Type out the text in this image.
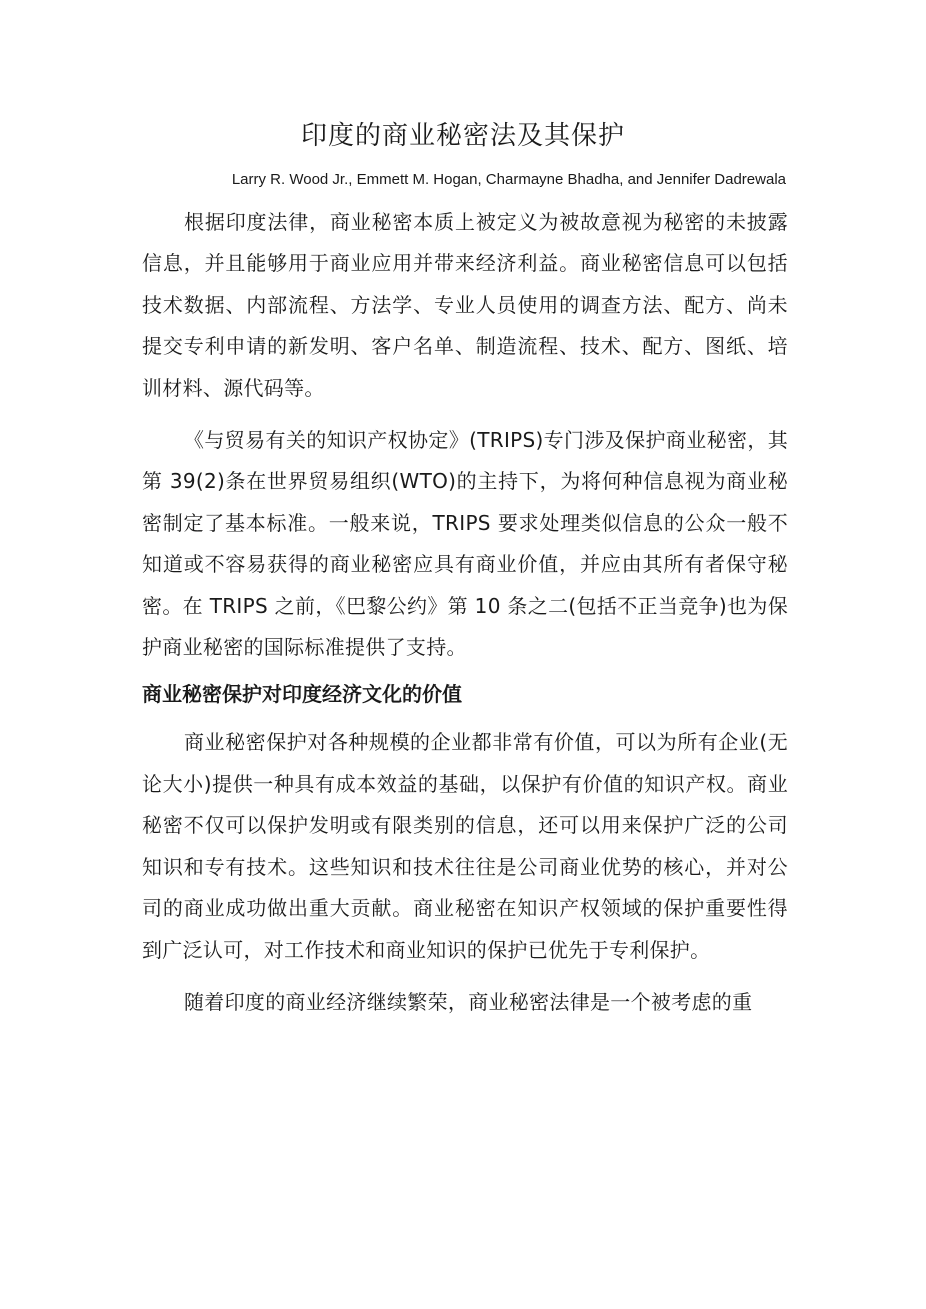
印度的商业秘密法及其保护
Larry R. Wood Jr., Emmett M. Hogan, Charmayne Bhadha, and Jennifer Dadrewala

根据印度法律，商业秘密本质上被定义为被故意视为秘密的未披露信息，并且能够用于商业应用并带来经济利益。商业秘密信息可以包括技术数据、内部流程、方法学、专业人员使用的调查方法、配方、尚未提交专利申请的新发明、客户名单、制造流程、技术、配方、图纸、培训材料、源代码等。

《与贸易有关的知识产权协定》(TRIPS)专门涉及保护商业秘密，其第 39(2)条在世界贸易组织(WTO)的主持下，为将何种信息视为商业秘密制定了基本标准。一般来说，TRIPS 要求处理类似信息的公众一般不知道或不容易获得的商业秘密应具有商业价值，并应由其所有者保守秘密。在 TRIPS 之前，《巴黎公约》第 10 条之二(包括不正当竞争)也为保护商业秘密的国际标准提供了支持。

商业秘密保护对印度经济文化的价值

商业秘密保护对各种规模的企业都非常有价值，可以为所有企业(无论大小)提供一种具有成本效益的基础，以保护有价值的知识产权。商业秘密不仅可以保护发明或有限类别的信息，还可以用来保护广泛的公司知识和专有技术。这些知识和技术往往是公司商业优势的核心，并对公司的商业成功做出重大贡献。商业秘密在知识产权领域的保护重要性得到广泛认可，对工作技术和商业知识的保护已优先于专利保护。

随着印度的商业经济继续繁荣，商业秘密法律是一个被考虑的重
